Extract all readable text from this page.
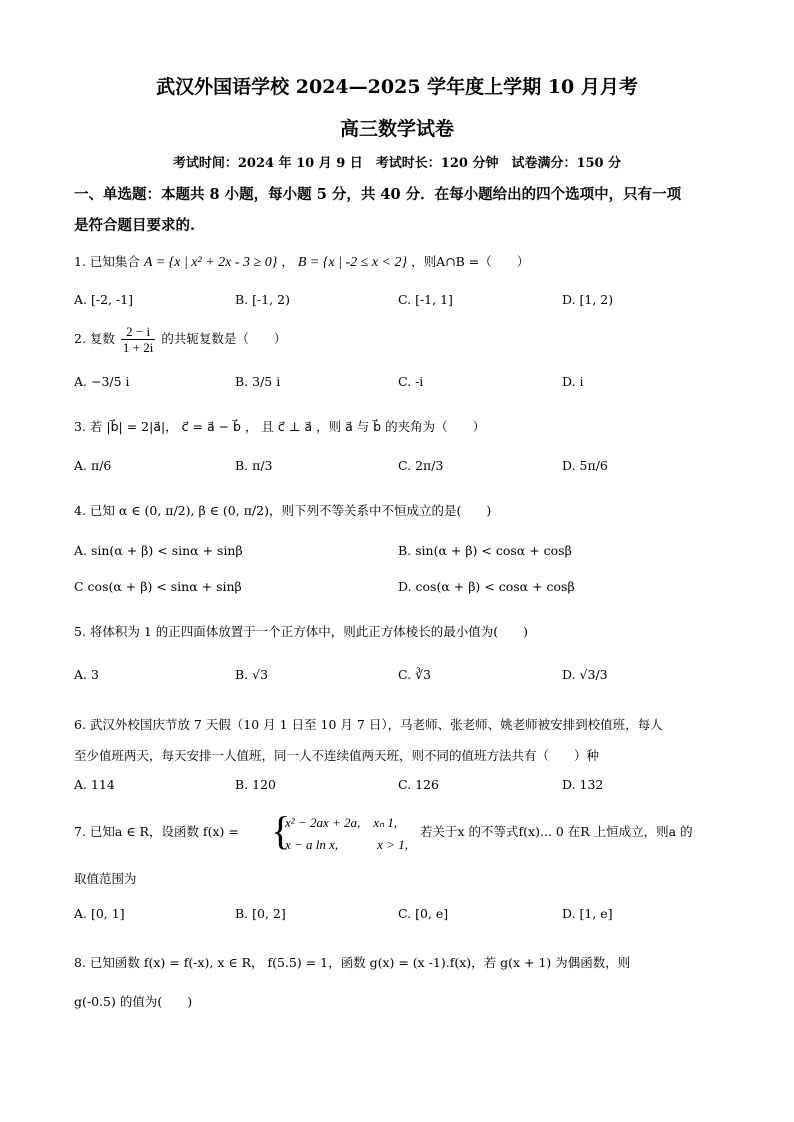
武汉外国语学校 2024—2025 学年度上学期 10 月月考
高三数学试卷
考试时间：2024 年 10 月 9 日　考试时长：120 分钟　试卷满分：150 分
一、单选题：本题共 8 小题，每小题 5 分，共 40 分．在每小题给出的四个选项中，只有一项
是符合题目要求的.
1. 已知集合 A = {x | x² + 2x - 3 ≥ 0} ， B = {x | -2 ≤ x < 2} ，则A∩B =（　　）
A. [-2, -1]	B. [-1, 2)	C. [-1, 1]	D. [1, 2)
2. 复数 $\frac{2 - i}{1 + 2i}$ 的共轭复数是（　　）
A. −3/5 i	B. 3/5 i	C. -i	D. i
3. 若 |b⃗| = 2|a⃗|， c⃗ = a⃗ − b⃗ ， 且 c⃗ ⊥ a⃗ ，则 a⃗ 与 b⃗ 的夹角为（　　）
A. π/6	B. π/3	C. 2π/3	D. 5π/6
4. 已知 α ∈ (0, π/2), β ∈ (0, π/2)，则下列不等关系中不恒成立的是(　　)
A. sin(α + β) < sinα + sinβ	B. sin(α + β) < cosα + cosβ
C cos(α + β) < sinα + sinβ	D. cos(α + β) < cosα + cosβ
5. 将体积为 1 的正四面体放置于一个正方体中，则此正方体棱长的最小值为(　　)
A. 3	B. √3	C. ∛3	D. √3/3
6. 武汉外校国庆节放 7 天假（10 月 1 日至 10 月 7 日），马老师、张老师、姚老师被安排到校值班，每人
至少值班两天，每天安排一人值班，同一人不连续值两天班，则不同的值班方法共有（　　）种
A. 114	B. 120	C. 126	D. 132
7. 已知a ∈ R，设函数 f(x) = {
x² − 2ax + 2a,　xₙ 1,
x − a ln x,　　　x > 1,
若关于x 的不等式f(x)... 0 在R 上恒成立，则a 的
取值范围为
A. [0, 1]	B. [0, 2]	C. [0, e]	D. [1, e]
8. 已知函数 f(x) = f(-x), x ∈ R， f(5.5) = 1，函数 g(x) = (x -1).f(x)，若 g(x + 1) 为偶函数，则
g(-0.5) 的值为(　　)
